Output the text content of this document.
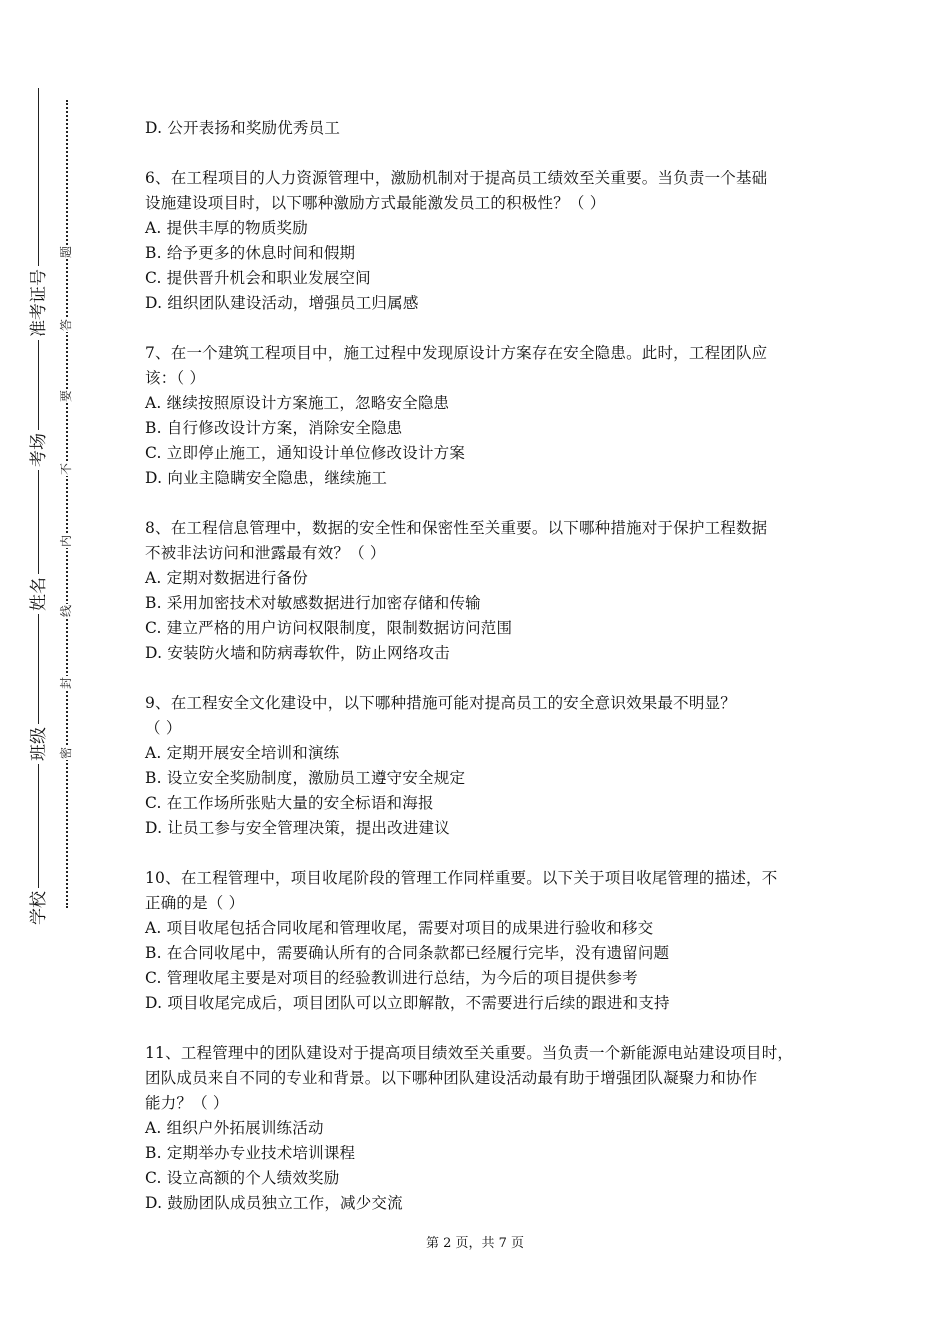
准考证号
考场
姓名
班级
学校
题
答
要
不
内
线
封
密
D. 公开表扬和奖励优秀员工
6、在工程项目的人力资源管理中，激励机制对于提高员工绩效至关重要。当负责一个基础
设施建设项目时，以下哪种激励方式最能激发员工的积极性？（ ）
A. 提供丰厚的物质奖励
B. 给予更多的休息时间和假期
C. 提供晋升机会和职业发展空间
D. 组织团队建设活动，增强员工归属感
7、在一个建筑工程项目中，施工过程中发现原设计方案存在安全隐患。此时，工程团队应
该：（ ）
A. 继续按照原设计方案施工，忽略安全隐患
B. 自行修改设计方案，消除安全隐患
C. 立即停止施工，通知设计单位修改设计方案
D. 向业主隐瞒安全隐患，继续施工
8、在工程信息管理中，数据的安全性和保密性至关重要。以下哪种措施对于保护工程数据
不被非法访问和泄露最有效？（ ）
A. 定期对数据进行备份
B. 采用加密技术对敏感数据进行加密存储和传输
C. 建立严格的用户访问权限制度，限制数据访问范围
D. 安装防火墙和防病毒软件，防止网络攻击
9、在工程安全文化建设中，以下哪种措施可能对提高员工的安全意识效果最不明显？
（ ）
A. 定期开展安全培训和演练
B. 设立安全奖励制度，激励员工遵守安全规定
C. 在工作场所张贴大量的安全标语和海报
D. 让员工参与安全管理决策，提出改进建议
10、在工程管理中，项目收尾阶段的管理工作同样重要。以下关于项目收尾管理的描述，不
正确的是（ ）
A. 项目收尾包括合同收尾和管理收尾，需要对项目的成果进行验收和移交
B. 在合同收尾中，需要确认所有的合同条款都已经履行完毕，没有遗留问题
C. 管理收尾主要是对项目的经验教训进行总结，为今后的项目提供参考
D. 项目收尾完成后，项目团队可以立即解散，不需要进行后续的跟进和支持
11、工程管理中的团队建设对于提高项目绩效至关重要。当负责一个新能源电站建设项目时，
团队成员来自不同的专业和背景。以下哪种团队建设活动最有助于增强团队凝聚力和协作
能力？（ ）
A. 组织户外拓展训练活动
B. 定期举办专业技术培训课程
C. 设立高额的个人绩效奖励
D. 鼓励团队成员独立工作，减少交流
第 2 页，共 7 页
